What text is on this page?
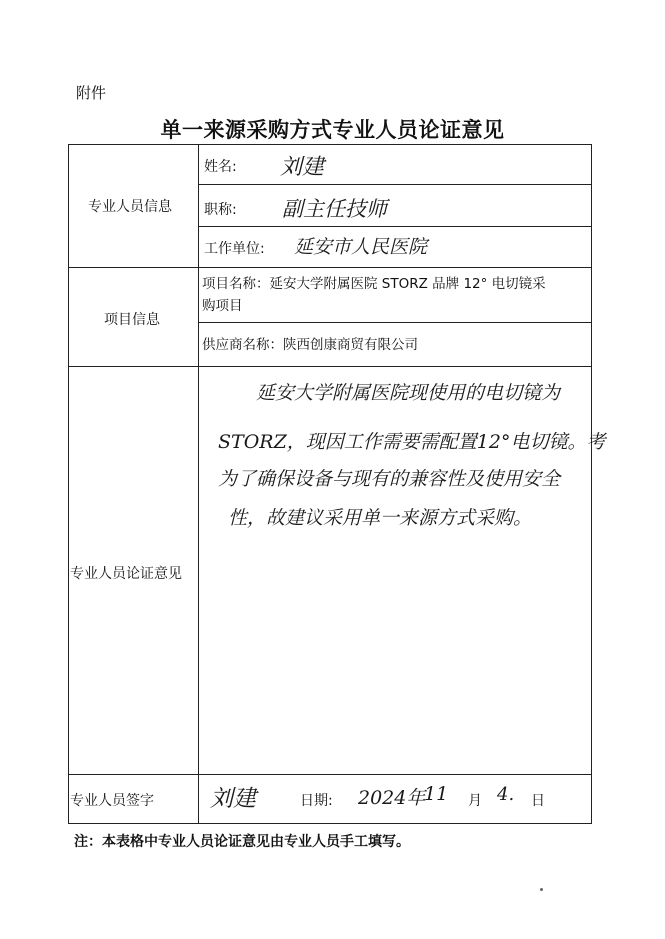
附件
单一来源采购方式专业人员论证意见
专业人员信息
姓名: 刘建
职称: 副主任技师
工作单位: 延安市人民医院
项目信息
项目名称：延安大学附属医院 STORZ 品牌 12° 电切镜采
购项目
供应商名称：陕西创康商贸有限公司
专业人员论证意见
延安大学附属医院现使用的电切镜为
STORZ，现因工作需要需配置12°电切镜。考
为了确保设备与现有的兼容性及使用安全
性，故建议采用单一来源方式采购。
专业人员签字 刘建	日期: 2024年
11 月 4. 日
注：本表格中专业人员论证意见由专业人员手工填写。
